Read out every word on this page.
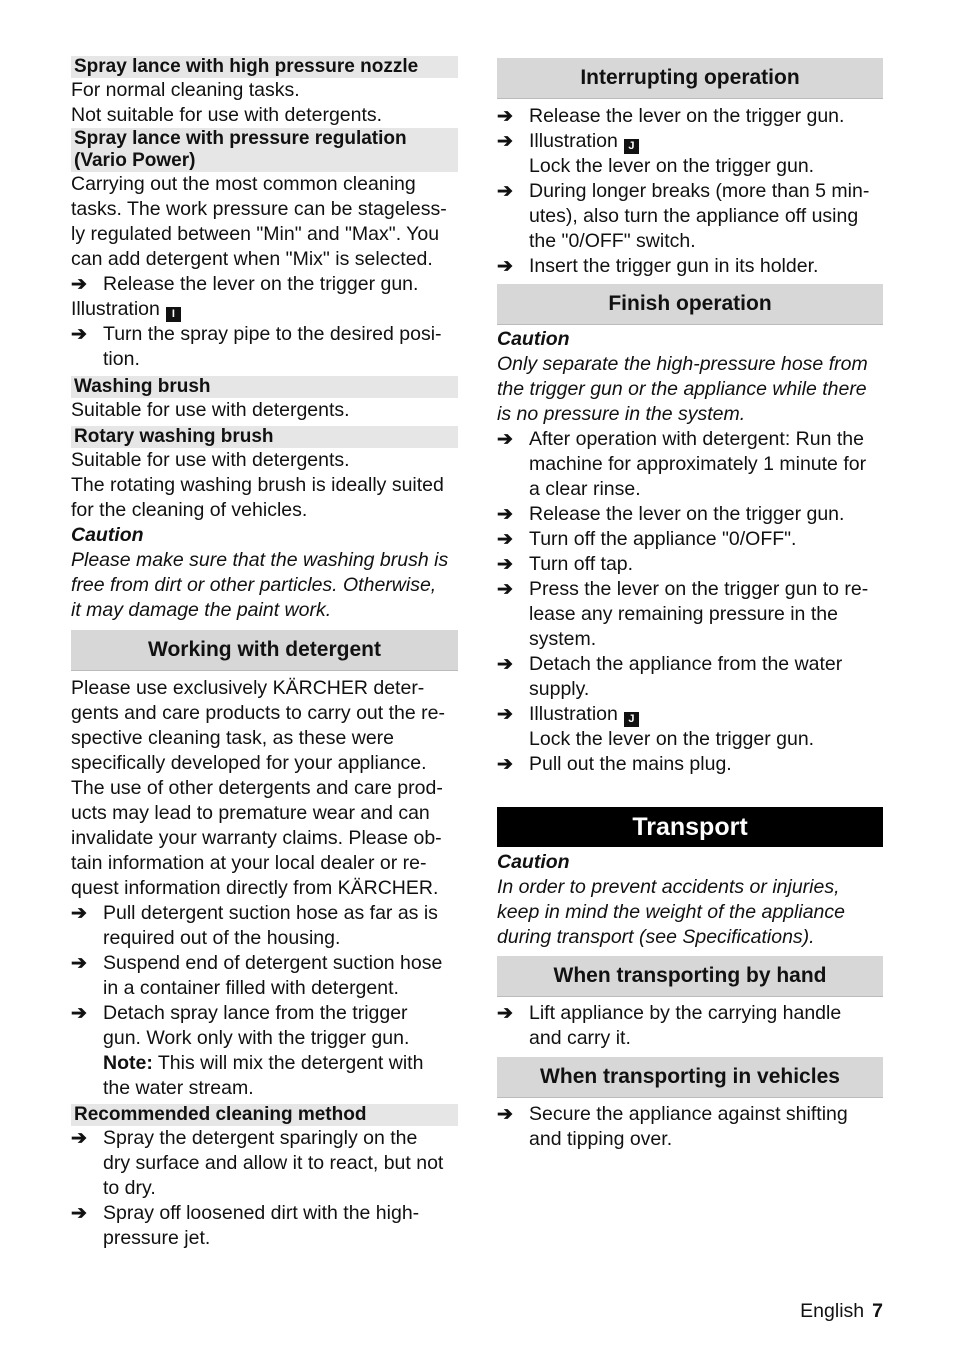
Spray lance with high pressure nozzle
For normal cleaning tasks.
Not suitable for use with detergents.
Spray lance with pressure regulation
(Vario Power)
Carrying out the most common cleaning
tasks. The work pressure can be stageless-
ly regulated between "Min" and "Max". You
can add detergent when "Mix" is selected.
➔ Release the lever on the trigger gun.
Illustration I
➔ Turn the spray pipe to the desired posi-
tion.
Washing brush
Suitable for use with detergents.
Rotary washing brush
Suitable for use with detergents.
The rotating washing brush is ideally suited
for the cleaning of vehicles.
Caution
Please make sure that the washing brush is
free from dirt or other particles. Otherwise,
it may damage the paint work.
Working with detergent
Please use exclusively KÄRCHER deter-
gents and care products to carry out the re-
spective cleaning task, as these were
specifically developed for your appliance.
The use of other detergents and care prod-
ucts may lead to premature wear and can
invalidate your warranty claims. Please ob-
tain information at your local dealer or re-
quest information directly from KÄRCHER.
➔ Pull detergent suction hose as far as is
required out of the housing.
➔ Suspend end of detergent suction hose
in a container filled with detergent.
➔ Detach spray lance from the trigger
gun. Work only with the trigger gun.
Note: This will mix the detergent with
the water stream.
Recommended cleaning method
➔ Spray the detergent sparingly on the
dry surface and allow it to react, but not
to dry.
➔ Spray off loosened dirt with the high-
pressure jet.
Interrupting operation
➔ Release the lever on the trigger gun.
➔ Illustration J
Lock the lever on the trigger gun.
➔ During longer breaks (more than 5 min-
utes), also turn the appliance off using
the "0/OFF" switch.
➔ Insert the trigger gun in its holder.
Finish operation
Caution
Only separate the high-pressure hose from
the trigger gun or the appliance while there
is no pressure in the system.
➔ After operation with detergent: Run the
machine for approximately 1 minute for
a clear rinse.
➔ Release the lever on the trigger gun.
➔ Turn off the appliance "0/OFF".
➔ Turn off tap.
➔ Press the lever on the trigger gun to re-
lease any remaining pressure in the
system.
➔ Detach the appliance from the water
supply.
➔ Illustration J
Lock the lever on the trigger gun.
➔ Pull out the mains plug.
Transport
Caution
In order to prevent accidents or injuries,
keep in mind the weight of the appliance
during transport (see Specifications).
When transporting by hand
➔ Lift appliance by the carrying handle
and carry it.
When transporting in vehicles
➔ Secure the appliance against shifting
and tipping over.
English 7
